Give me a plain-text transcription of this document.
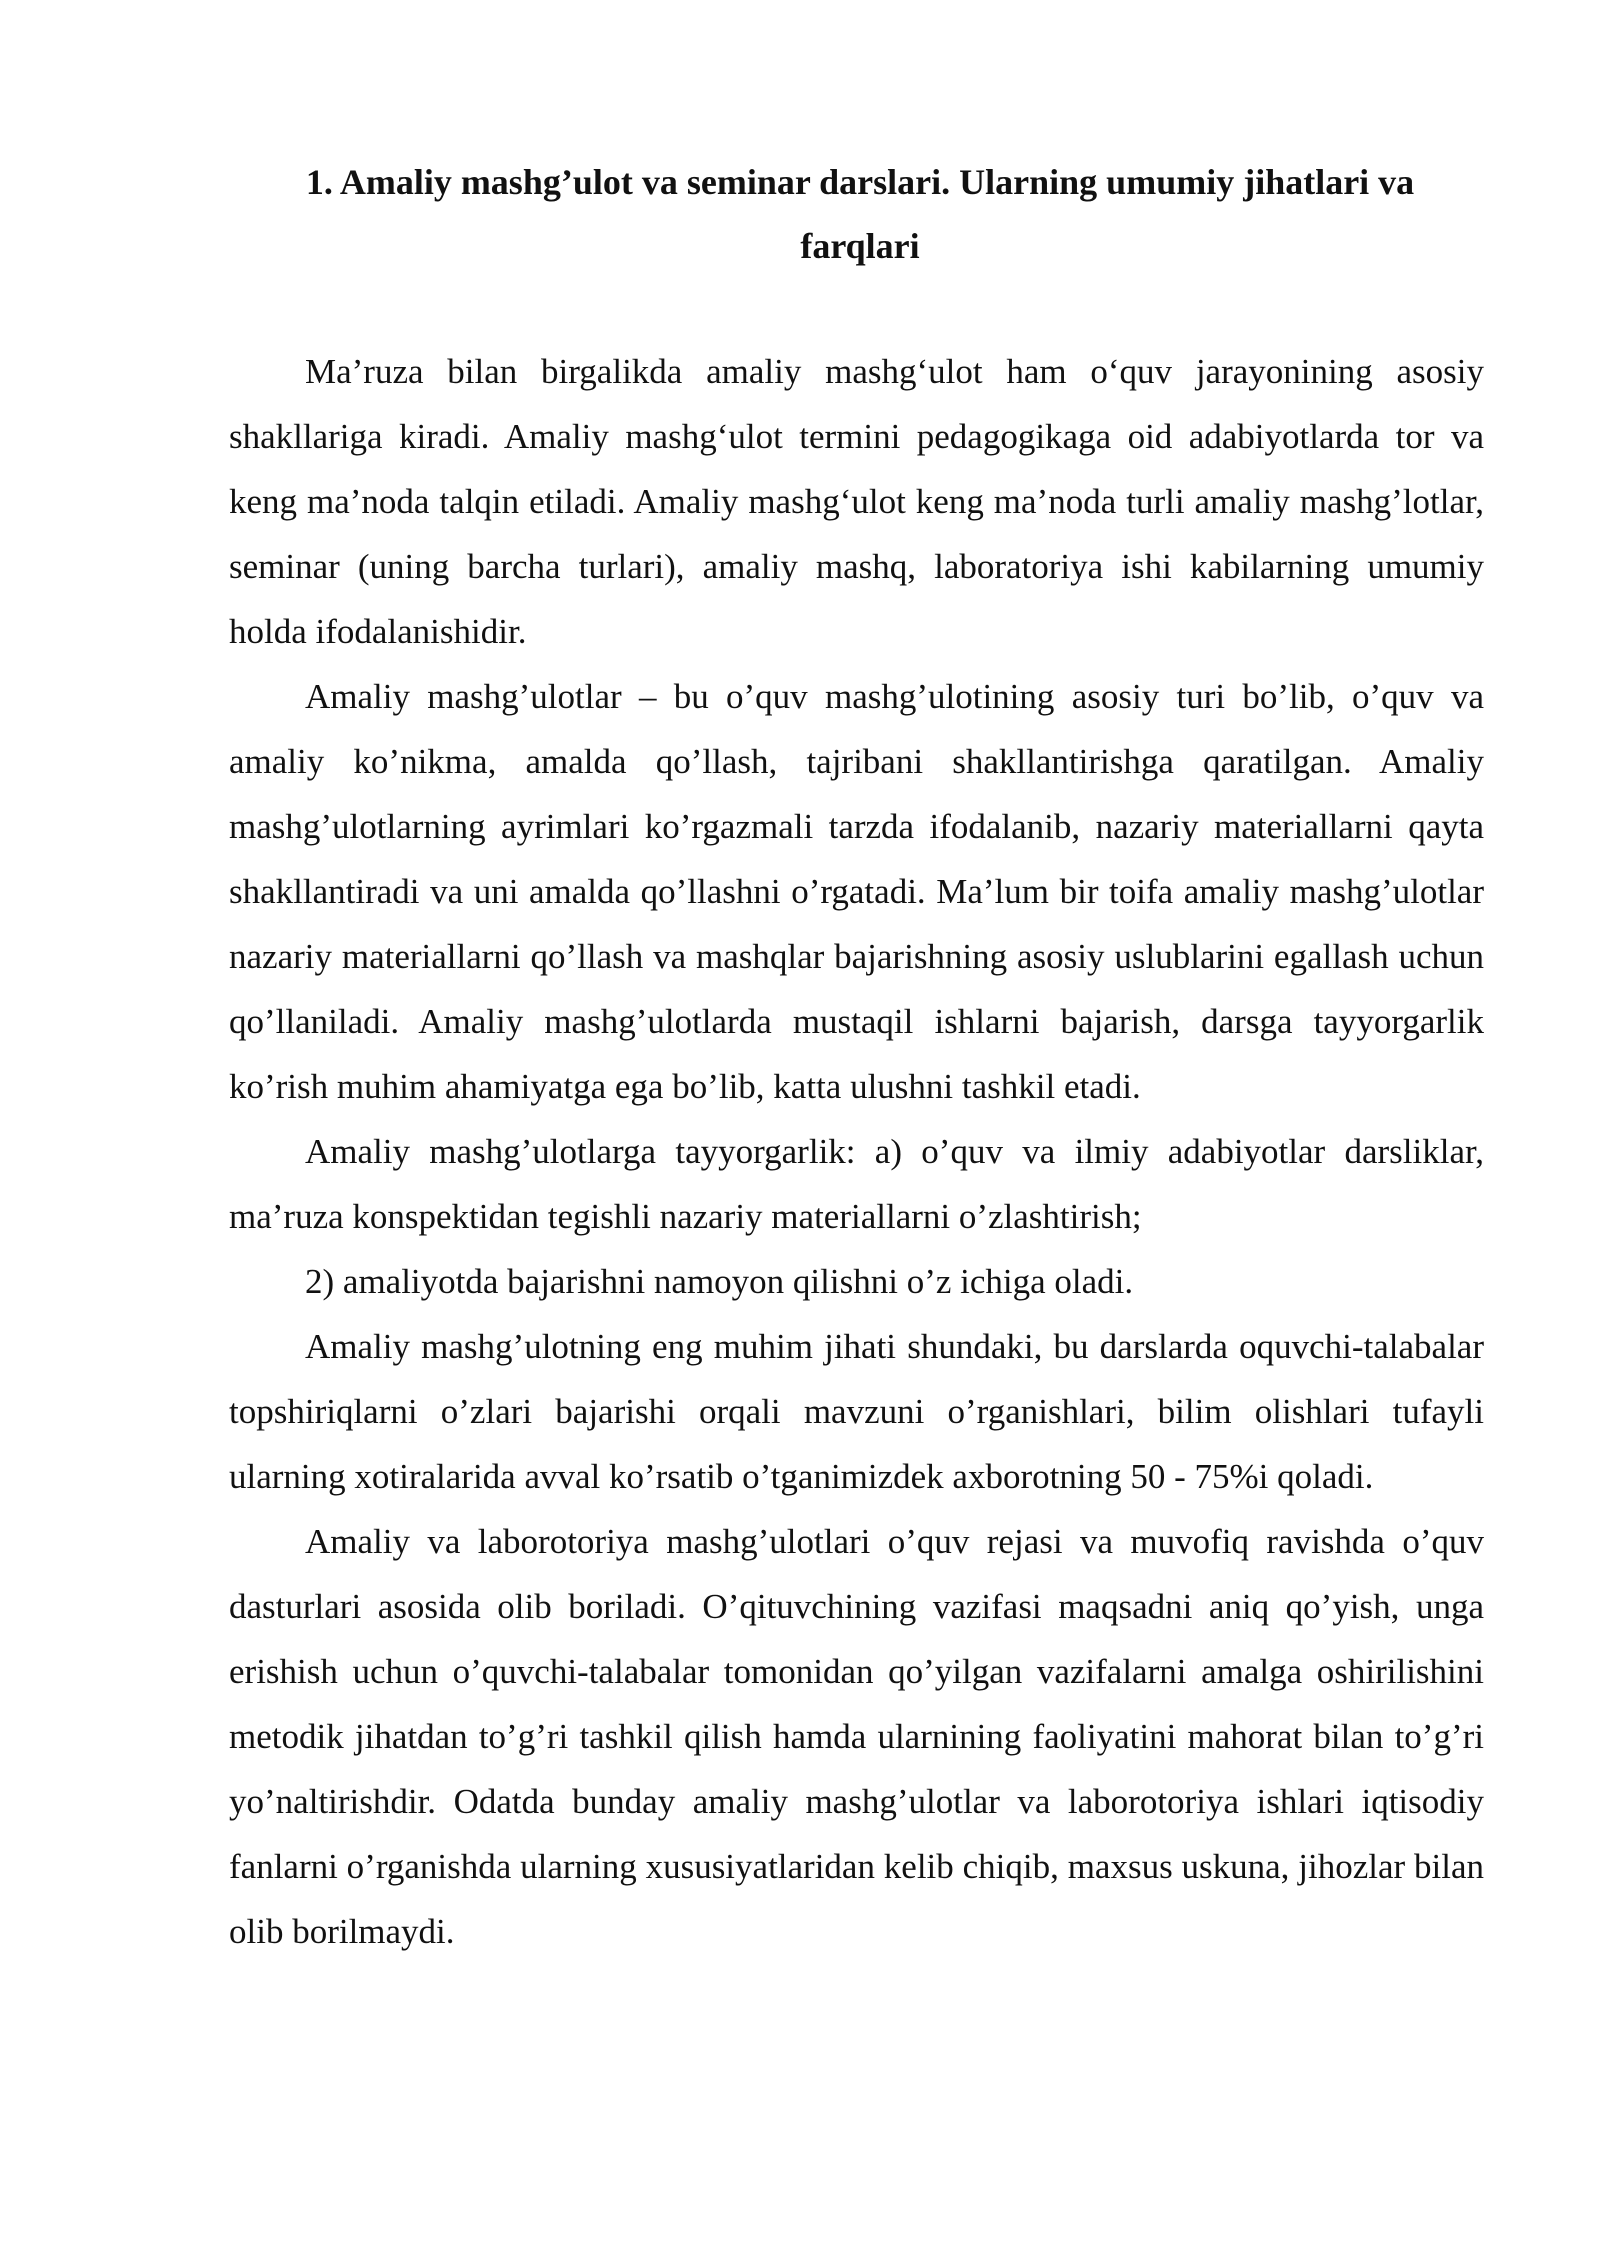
1. Amaliy mashg’ulot va seminar darslari. Ularning umumiy jihatlari va farqlari

Ma’ruza bilan birgalikda amaliy mashg‘ulot ham o‘quv jarayonining asosiy shakllariga kiradi. Amaliy mashg‘ulot termini pedagogikaga oid adabiyotlarda tor va keng ma’noda talqin etiladi. Amaliy mashg‘ulot keng ma’noda turli amaliy mashg’lotlar, seminar (uning barcha turlari), amaliy mashq, laboratoriya ishi kabilarning umumiy holda ifodalanishidir.

Amaliy mashg’ulotlar – bu o’quv mashg’ulotining asosiy turi bo’lib, o’quv va amaliy ko’nikma, amalda qo’llash, tajribani shakllantirishga qaratilgan. Amaliy mashg’ulotlarning ayrimlari ko’rgazmali tarzda ifodalanib, nazariy materiallarni qayta shakllantiradi va uni amalda qo’llashni o’rgatadi. Ma’lum bir toifa amaliy mashg’ulotlar nazariy materiallarni qo’llash va mashqlar bajarishning asosiy uslublarini egallash uchun qo’llaniladi. Amaliy mashg’ulotlarda mustaqil ishlarni bajarish, darsga tayyorgarlik ko’rish muhim ahamiyatga ega bo’lib, katta ulushni tashkil etadi.

Amaliy mashg’ulotlarga tayyorgarlik: a) o’quv va ilmiy adabiyotlar darsliklar, ma’ruza konspektidan tegishli nazariy materiallarni o’zlashtirish;

2) amaliyotda bajarishni namoyon qilishni o’z ichiga oladi.

Amaliy mashg’ulotning eng muhim jihati shundaki, bu darslarda oquvchi-talabalar topshiriqlarni o’zlari bajarishi orqali mavzuni o’rganishlari, bilim olishlari tufayli ularning xotiralarida avval ko’rsatib o’tganimizdek axborotning 50 - 75%i qoladi.

Amaliy va laborotoriya mashg’ulotlari o’quv rejasi va muvofiq ravishda o’quv dasturlari asosida olib boriladi. O’qituvchining vazifasi maqsadni aniq qo’yish, unga erishish uchun o’quvchi-talabalar tomonidan qo’yilgan vazifalarni amalga oshirilishini metodik jihatdan to’g’ri tashkil qilish hamda ularnining faoliyatini mahorat bilan to’g’ri yo’naltirishdir. Odatda bunday amaliy mashg’ulotlar va laborotoriya ishlari iqtisodiy fanlarni o’rganishda ularning xususiyatlaridan kelib chiqib, maxsus uskuna, jihozlar bilan olib borilmaydi.
